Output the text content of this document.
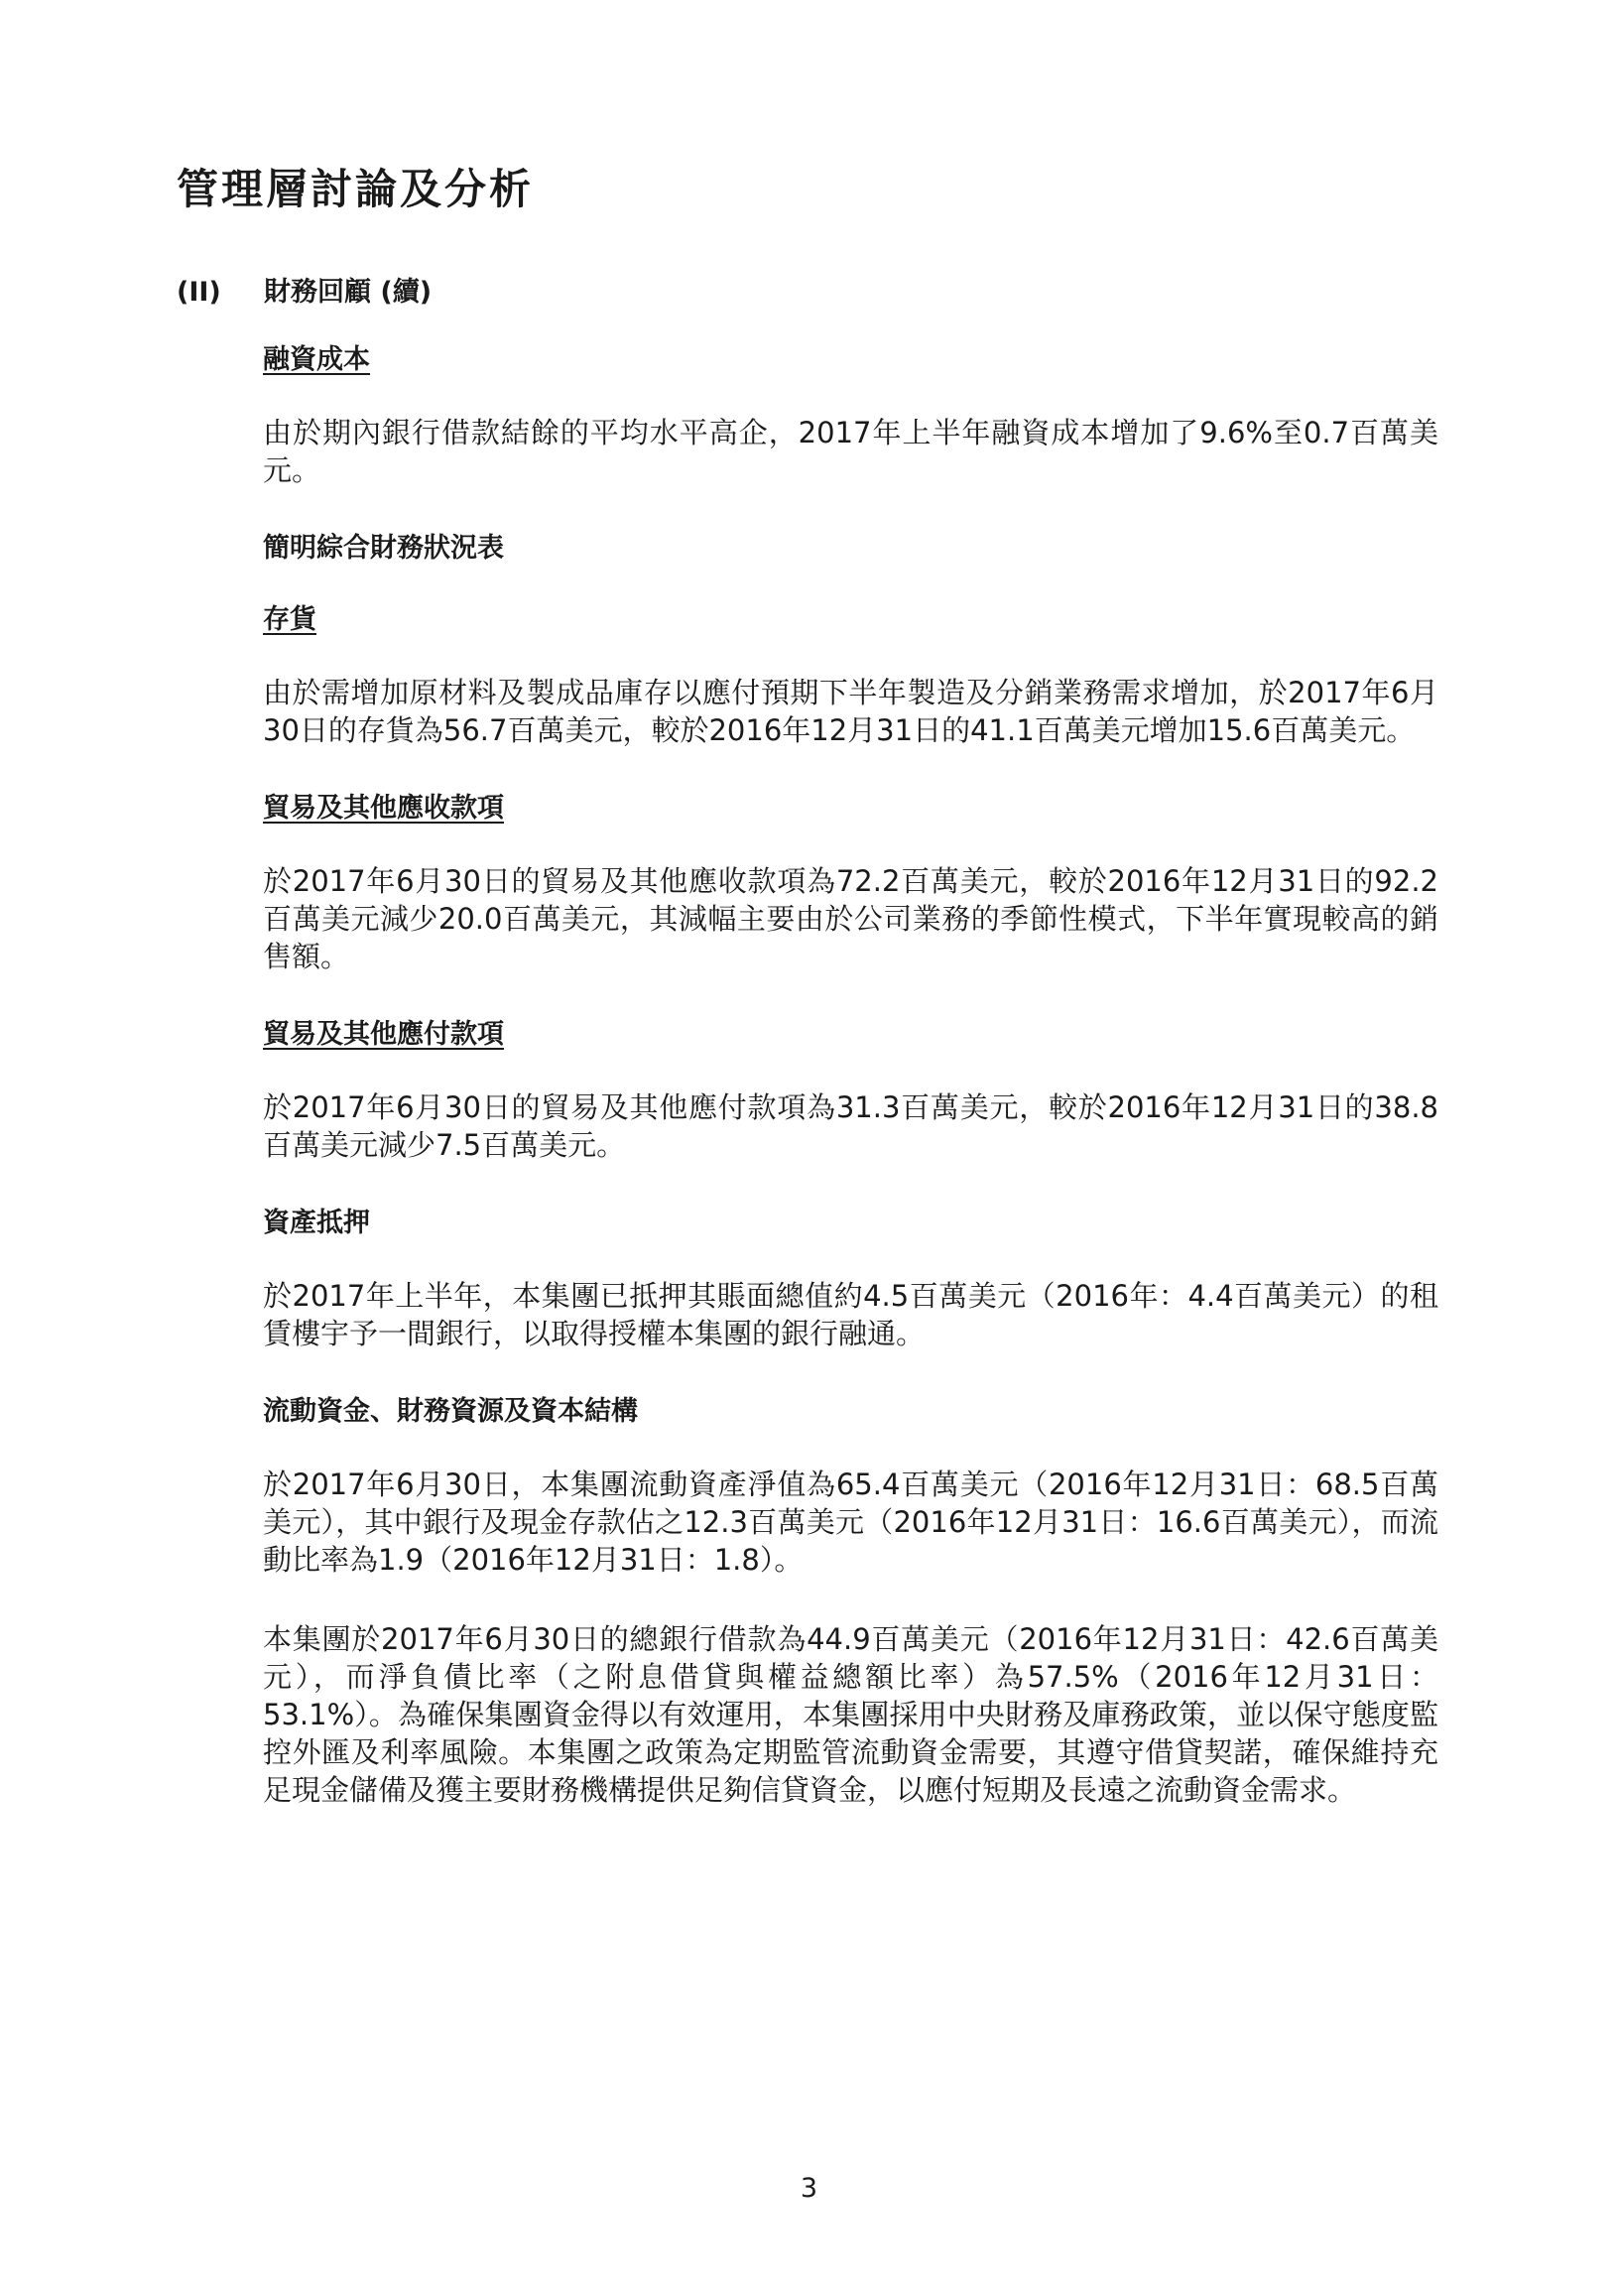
管理層討論及分析
(II) 財務回顧 (續)
融資成本

由於期內銀行借款結餘的平均水平高企，2017年上半年融資成本增加了9.6%至0.7百萬美元。

簡明綜合財務狀況表
存貨

由於需增加原材料及製成品庫存以應付預期下半年製造及分銷業務需求增加，於2017年6月30日的存貨為56.7百萬美元，較於2016年12月31日的41.1百萬美元增加15.6百萬美元。

貿易及其他應收款項

於2017年6月30日的貿易及其他應收款項為72.2百萬美元，較於2016年12月31日的92.2百萬美元減少20.0百萬美元，其減幅主要由於公司業務的季節性模式，下半年實現較高的銷售額。

貿易及其他應付款項

於2017年6月30日的貿易及其他應付款項為31.3百萬美元，較於2016年12月31日的38.8百萬美元減少7.5百萬美元。

資產抵押

於2017年上半年，本集團已抵押其賬面總值約4.5百萬美元（2016年：4.4百萬美元）的租賃樓宇予一間銀行，以取得授權本集團的銀行融通。

流動資金、財務資源及資本結構

於2017年6月30日，本集團流動資產淨值為65.4百萬美元（2016年12月31日：68.5百萬美元），其中銀行及現金存款佔之12.3百萬美元（2016年12月31日：16.6百萬美元），而流動比率為1.9（2016年12月31日：1.8）。

本集團於2017年6月30日的總銀行借款為44.9百萬美元（2016年12月31日：42.6百萬美元），而淨負債比率（之附息借貸與權益總額比率）為57.5%（2016年12月31日：53.1%）。為確保集團資金得以有效運用，本集團採用中央財務及庫務政策，並以保守態度監控外匯及利率風險。本集團之政策為定期監管流動資金需要，其遵守借貸契諾，確保維持充足現金儲備及獲主要財務機構提供足夠信貸資金，以應付短期及長遠之流動資金需求。

3
